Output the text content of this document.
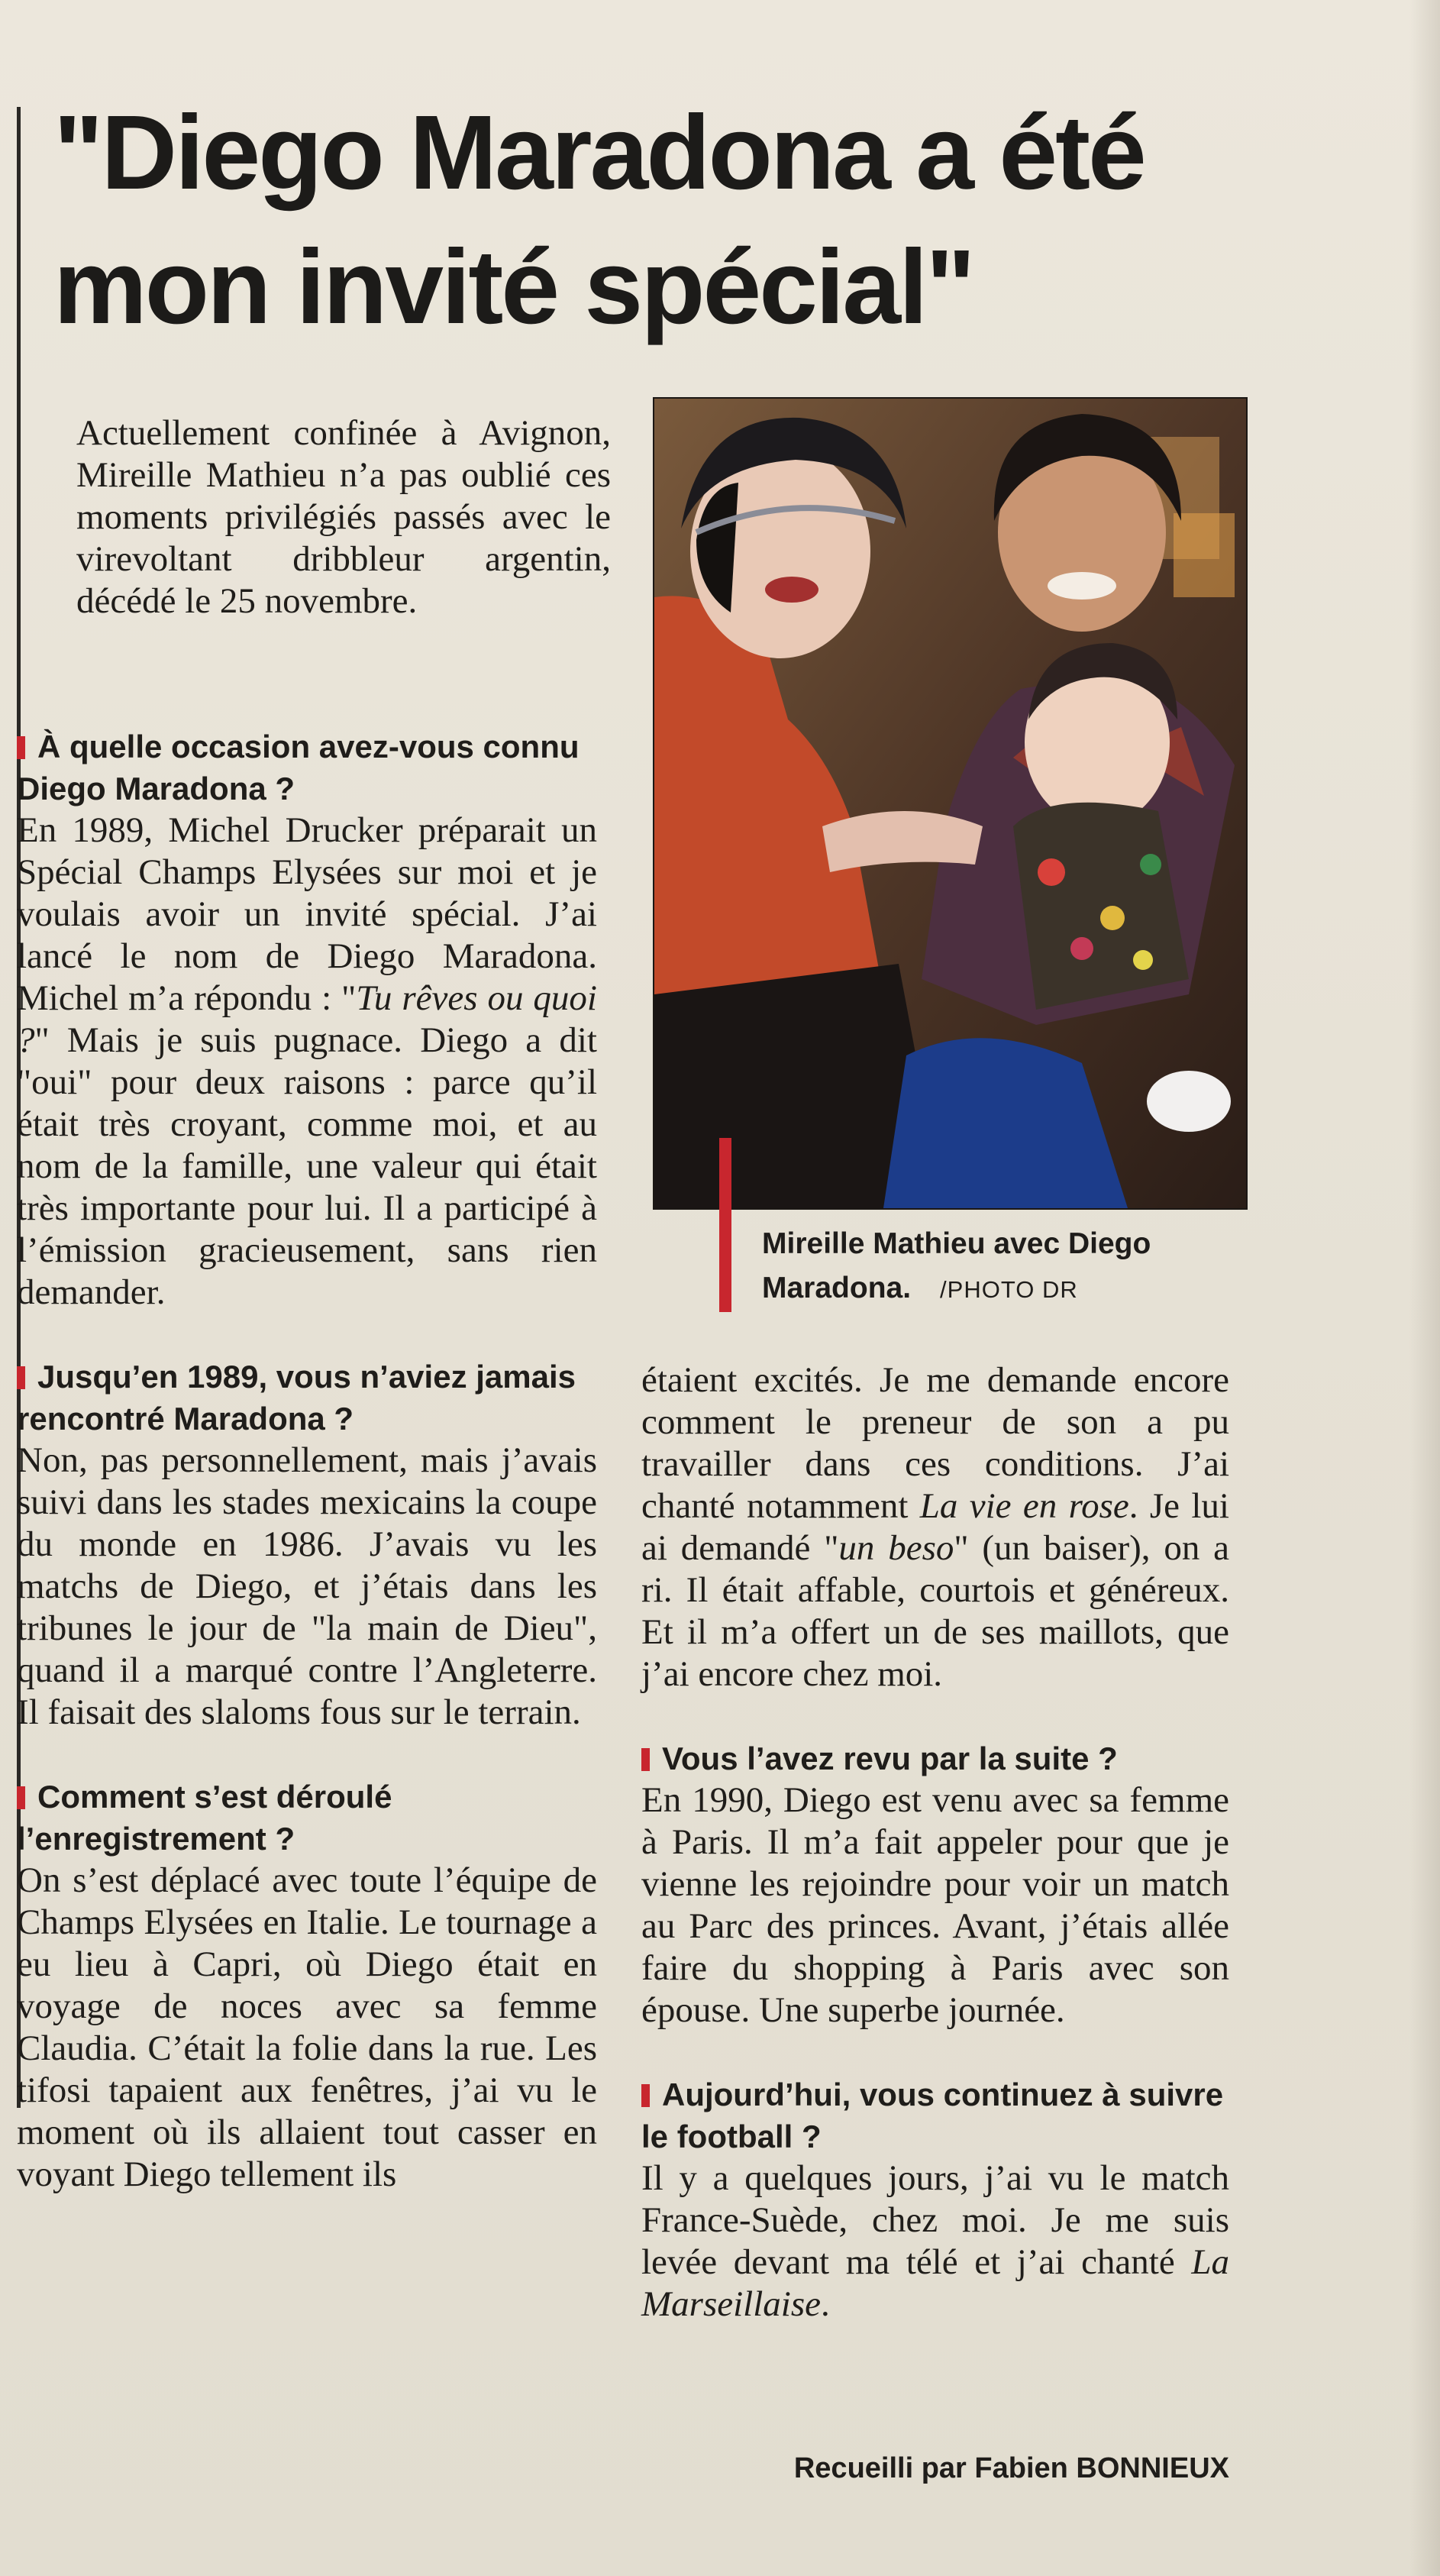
"Diego Maradona a été mon invité spécial"

Actuellement confinée à Avignon, Mireille Mathieu n’a pas oublié ces moments privilégiés passés avec le virevoltant dribbleur argentin, décédé le 25 novembre.

Mireille Mathieu avec Diego Maradona. /PHOTO DR
À quelle occasion avez-vous connu Diego Maradona ?

En 1989, Michel Drucker préparait un Spécial Champs Elysées sur moi et je voulais avoir un invité spécial. J’ai lancé le nom de Diego Maradona. Michel m’a répondu : "Tu rêves ou quoi ?" Mais je suis pugnace. Diego a dit "oui" pour deux raisons : parce qu’il était très croyant, comme moi, et au nom de la famille, une valeur qui était très importante pour lui. Il a participé à l’émission gracieusement, sans rien demander.

Jusqu’en 1989, vous n’aviez jamais rencontré Maradona ?

Non, pas personnellement, mais j’avais suivi dans les stades mexicains la coupe du monde en 1986. J’avais vu les matchs de Diego, et j’étais dans les tribunes le jour de "la main de Dieu", quand il a marqué contre l’Angleterre. Il faisait des slaloms fous sur le terrain.

Comment s’est déroulé l’enregistrement ?

On s’est déplacé avec toute l’équipe de Champs Elysées en Italie. Le tournage a eu lieu à Capri, où Diego était en voyage de noces avec sa femme Claudia. C’était la folie dans la rue. Les tifosi tapaient aux fenêtres, j’ai vu le moment où ils allaient tout casser en voyant Diego tellement ils

étaient excités. Je me demande encore comment le preneur de son a pu travailler dans ces conditions. J’ai chanté notamment La vie en rose. Je lui ai demandé "un beso" (un baiser), on a ri. Il était affable, courtois et généreux. Et il m’a offert un de ses maillots, que j’ai encore chez moi.

Vous l’avez revu par la suite ?

En 1990, Diego est venu avec sa femme à Paris. Il m’a fait appeler pour que je vienne les rejoindre pour voir un match au Parc des princes. Avant, j’étais allée faire du shopping à Paris avec son épouse. Une superbe journée.

Aujourd’hui, vous continuez à suivre le football ?

Il y a quelques jours, j’ai vu le match France-Suède, chez moi. Je me suis levée devant ma télé et j’ai chanté La Marseillaise.

Recueilli par Fabien BONNIEUX
